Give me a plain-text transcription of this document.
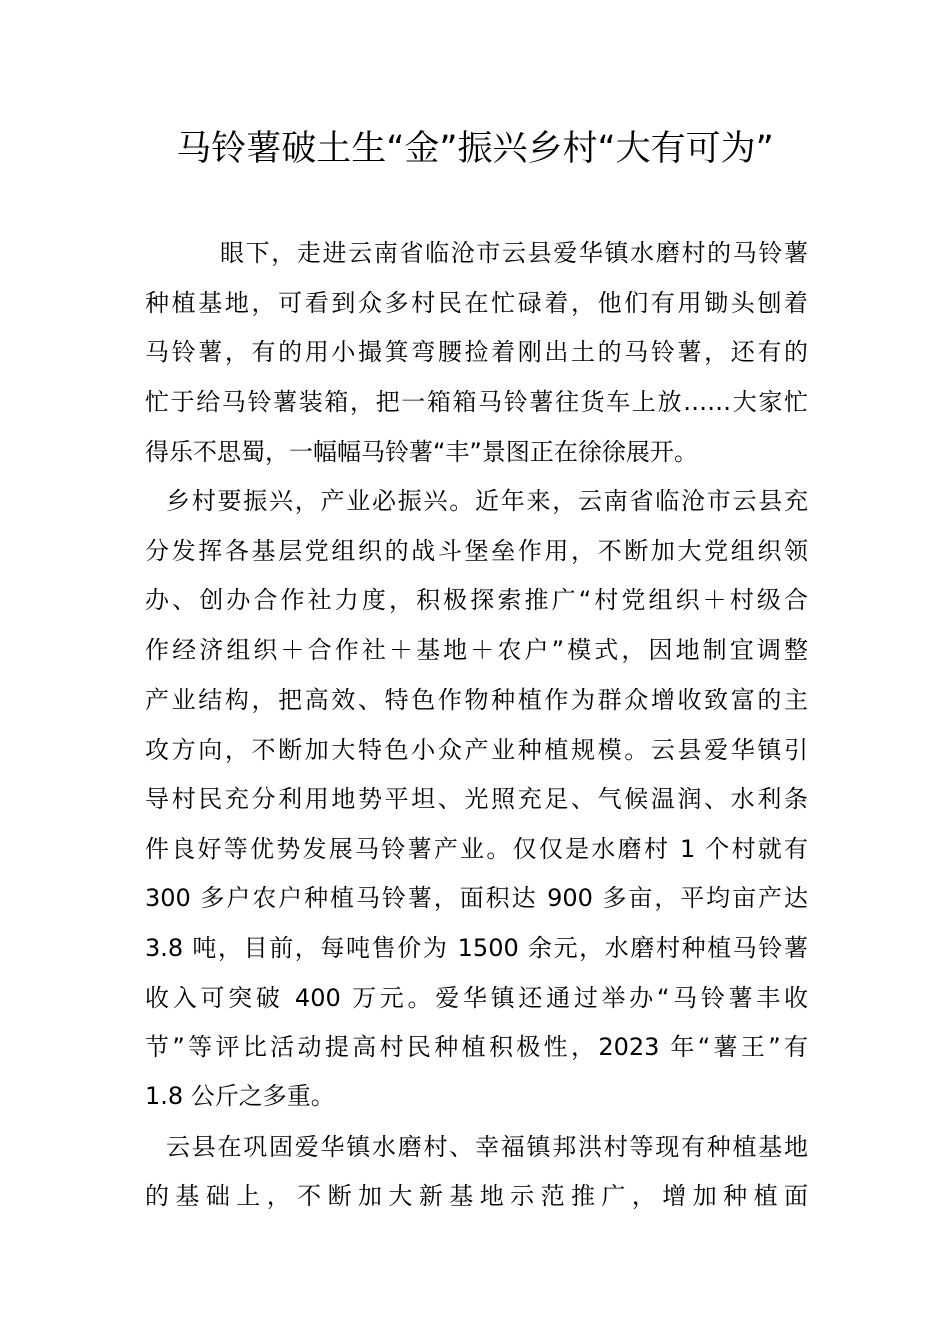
马铃薯破土生“金”振兴乡村“大有可为”

眼下，走进云南省临沧市云县爱华镇水磨村的马铃薯

种植基地，可看到众多村民在忙碌着，他们有用锄头刨着

马铃薯，有的用小撮箕弯腰捡着刚出土的马铃薯，还有的

忙于给马铃薯装箱，把一箱箱马铃薯往货车上放……大家忙

得乐不思蜀，一幅幅马铃薯“丰”景图正在徐徐展开。

乡村要振兴，产业必振兴。近年来，云南省临沧市云县充

分发挥各基层党组织的战斗堡垒作用，不断加大党组织领

办、创办合作社力度，积极探索推广“村党组织＋村级合

作经济组织＋合作社＋基地＋农户”模式，因地制宜调整

产业结构，把高效、特色作物种植作为群众增收致富的主

攻方向，不断加大特色小众产业种植规模。云县爱华镇引

导村民充分利用地势平坦、光照充足、气候温润、水利条

件良好等优势发展马铃薯产业。仅仅是水磨村 1 个村就有

300 多户农户种植马铃薯，面积达 900 多亩，平均亩产达

3.8 吨，目前，每吨售价为 1500 余元，水磨村种植马铃薯

收入可突破 400 万元。爱华镇还通过举办“马铃薯丰收

节”等评比活动提高村民种植积极性，2023 年“薯王”有

1.8 公斤之多重。

云县在巩固爱华镇水磨村、幸福镇邦洪村等现有种植基地

的基础上，不断加大新基地示范推广，增加种植面
